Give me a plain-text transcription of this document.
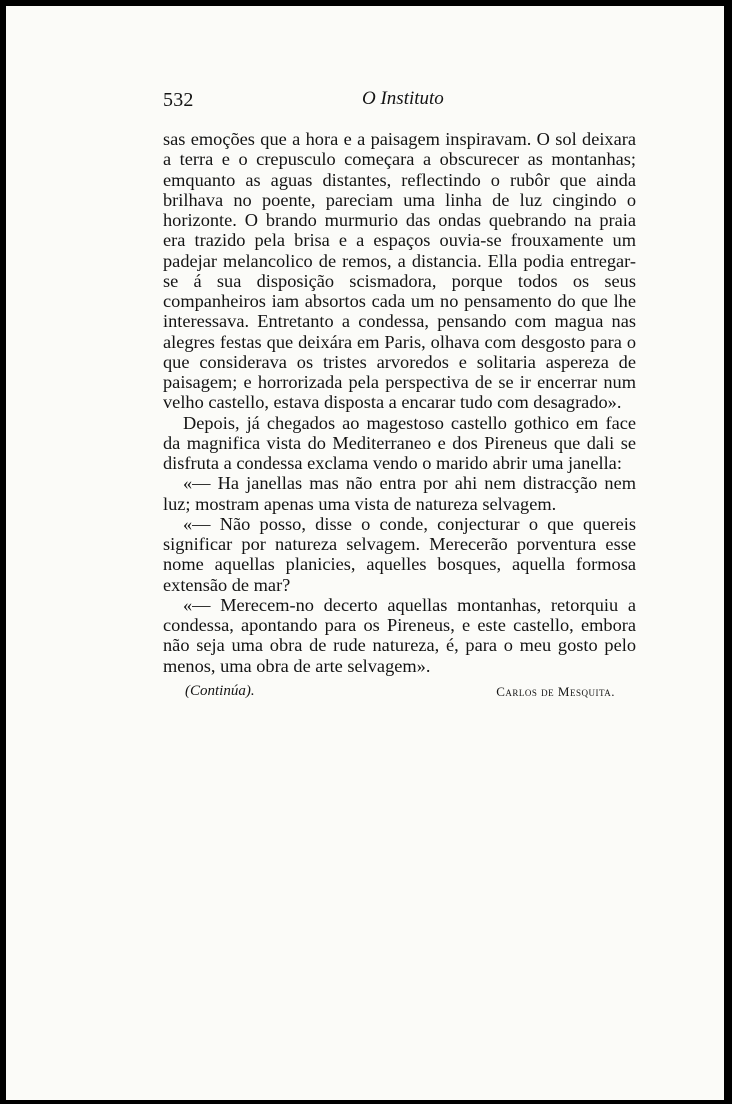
532	O Instituto

sas emoções que a hora e a paisagem inspiravam. O sol deixara a terra e o crepusculo começara a obscurecer as montanhas; emquanto as aguas distantes, reflectindo o rubôr que ainda brilhava no poente, pareciam uma linha de luz cingindo o horizonte. O brando murmurio das ondas quebrando na praia era trazido pela brisa e a espaços ouvia-se frouxamente um padejar melancolico de remos, a distancia. Ella podia entregar-se á sua disposição scismadora, porque todos os seus companheiros iam absortos cada um no pensamento do que lhe interessava. Entretanto a condessa, pensando com magua nas alegres festas que deixára em Paris, olhava com desgosto para o que considerava os tristes arvoredos e solitaria aspereza de paisagem; e horrorizada pela perspectiva de se ir encerrar num velho castello, estava disposta a encarar tudo com desagrado».

Depois, já chegados ao magestoso castello gothico em face da magnifica vista do Mediterraneo e dos Pireneus que dali se disfruta a condessa exclama vendo o marido abrir uma janella:

«— Ha janellas mas não entra por ahi nem distracção nem luz; mostram apenas uma vista de natureza selvagem.

«— Não posso, disse o conde, conjecturar o que quereis significar por natureza selvagem. Merecerão porventura esse nome aquellas planicies, aquelles bosques, aquella formosa extensão de mar?

«— Merecem-no decerto aquellas montanhas, retorquiu a condessa, apontando para os Pireneus, e este castello, embora não seja uma obra de rude natureza, é, para o meu gosto pelo menos, uma obra de arte selvagem».

(Continúa).	Carlos de Mesquita.
